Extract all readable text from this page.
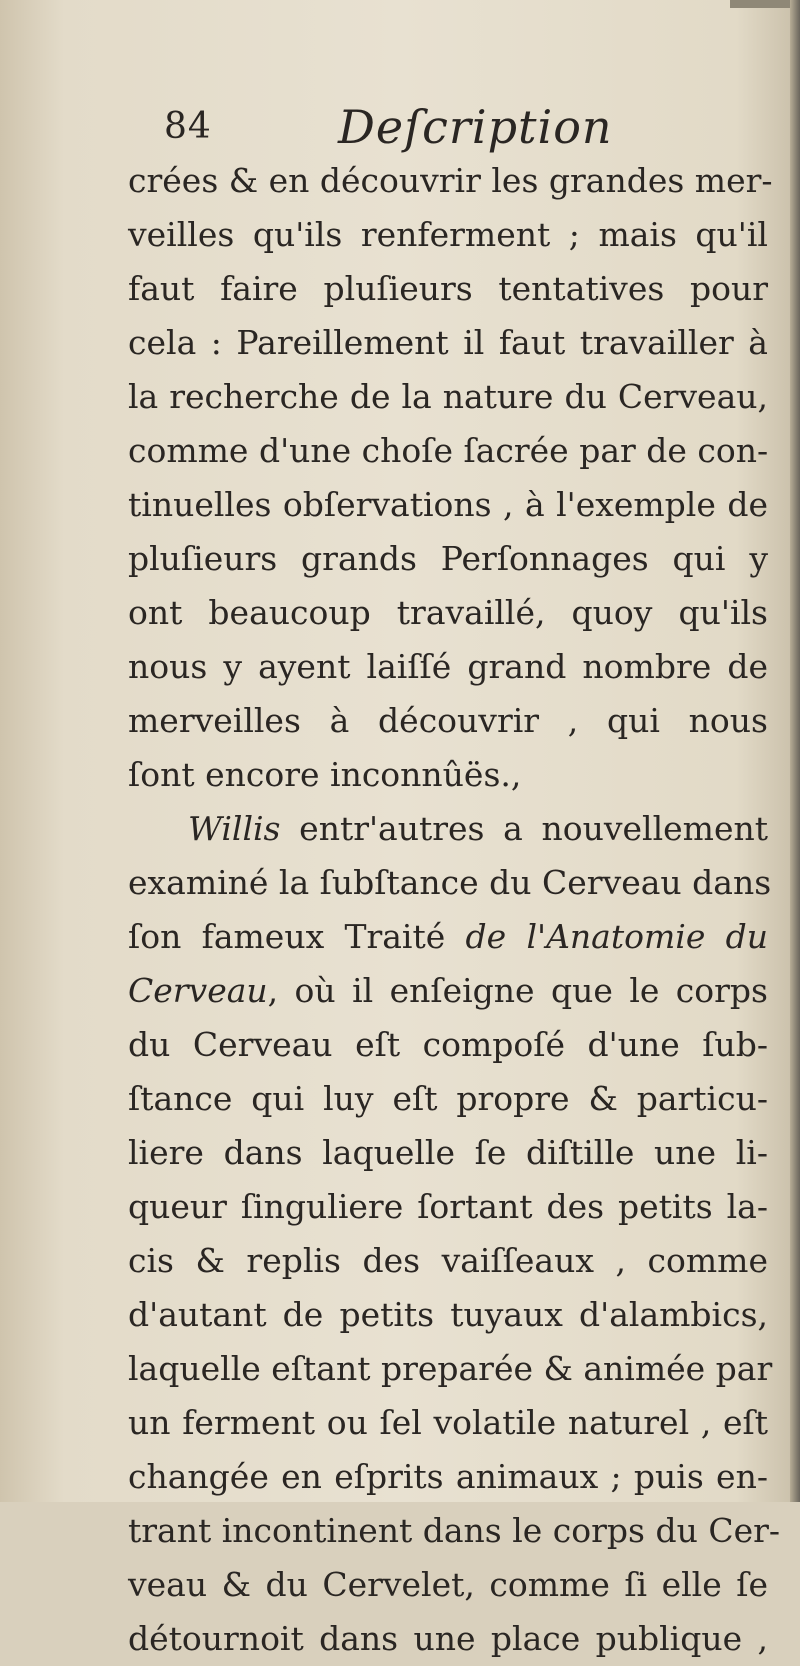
84	Deſcription
crées & en découvrir les grandes mer-
veilles qu'ils renferment ; mais qu'il
faut faire pluſieurs tentatives pour
cela : Pareillement il faut travailler à
la recherche de la nature du Cerveau,
comme d'une choſe ſacrée par de con-
tinuelles obſervations , à l'exemple de
pluſieurs grands Perſonnages qui y
ont beaucoup travaillé, quoy qu'ils
nous y ayent laiſſé grand nombre de
merveilles à découvrir , qui nous
ſont encore inconnûës.,
Willis entr'autres a nouvellement
examiné la ſubſtance du Cerveau dans
ſon fameux Traité de l'Anatomie du
Cerveau, où il enſeigne que le corps
du Cerveau eſt compoſé d'une ſub-
ſtance qui luy eſt propre & particu-
liere dans laquelle ſe diſtille une li-
queur ſinguliere ſortant des petits la-
cis & replis des vaiſſeaux , comme
d'autant de petits tuyaux d'alambics,
laquelle eſtant preparée & animée par
un ferment ou ſel volatile naturel , eſt
changée en eſprits animaux ; puis en-
trant incontinent dans le corps du Cer-
veau & du Cervelet, comme ſi elle ſe
détournoit dans une place publique ,
